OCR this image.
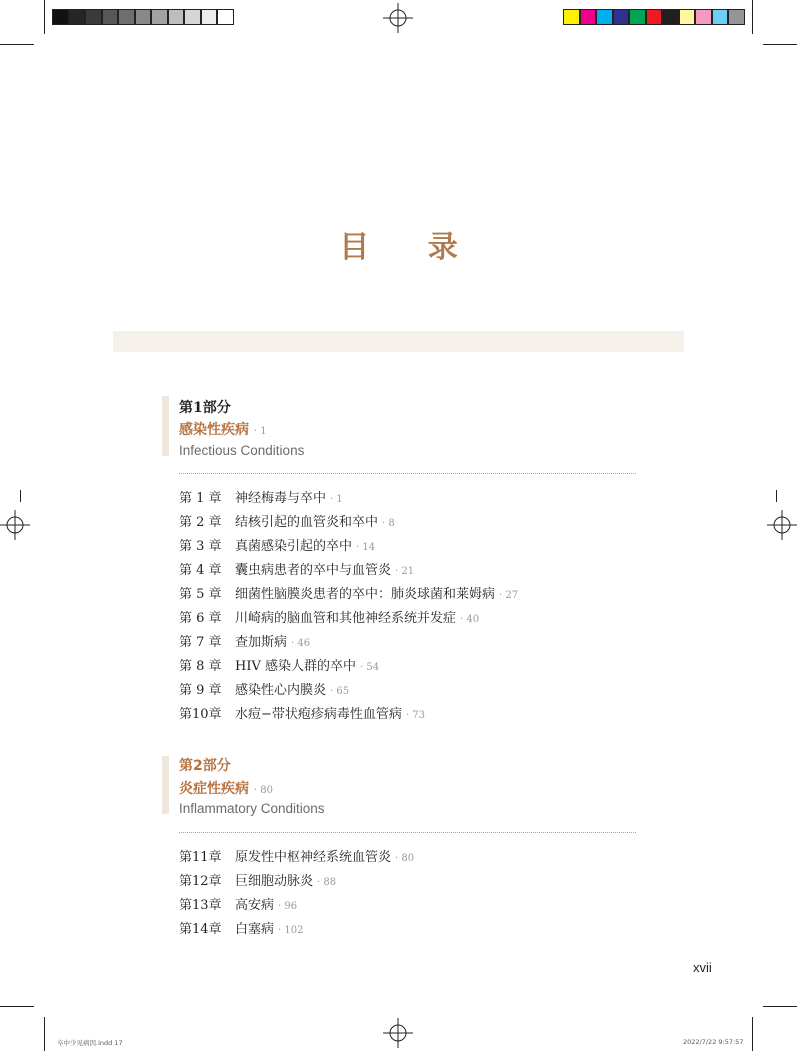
目 录
第1部分
感染性疾病 · 1
Infectious Conditions
第 1 章 神经梅毒与卒中 · 1
第 2 章 结核引起的血管炎和卒中 · 8
第 3 章 真菌感染引起的卒中 · 14
第 4 章 囊虫病患者的卒中与血管炎 · 21
第 5 章 细菌性脑膜炎患者的卒中：肺炎球菌和莱姆病 · 27
第 6 章 川崎病的脑血管和其他神经系统并发症 · 40
第 7 章 查加斯病 · 46
第 8 章 HIV 感染人群的卒中 · 54
第 9 章 感染性心内膜炎 · 65
第10章 水痘−带状疱疹病毒性血管病 · 73
第2部分
炎症性疾病 · 80
Inflammatory Conditions
第11章 原发性中枢神经系统血管炎 · 80
第12章 巨细胞动脉炎 · 88
第13章 高安病 · 96
第14章 白塞病 · 102
xvii
卒中少见病因.indd 17	2022/7/22 9:57:57
